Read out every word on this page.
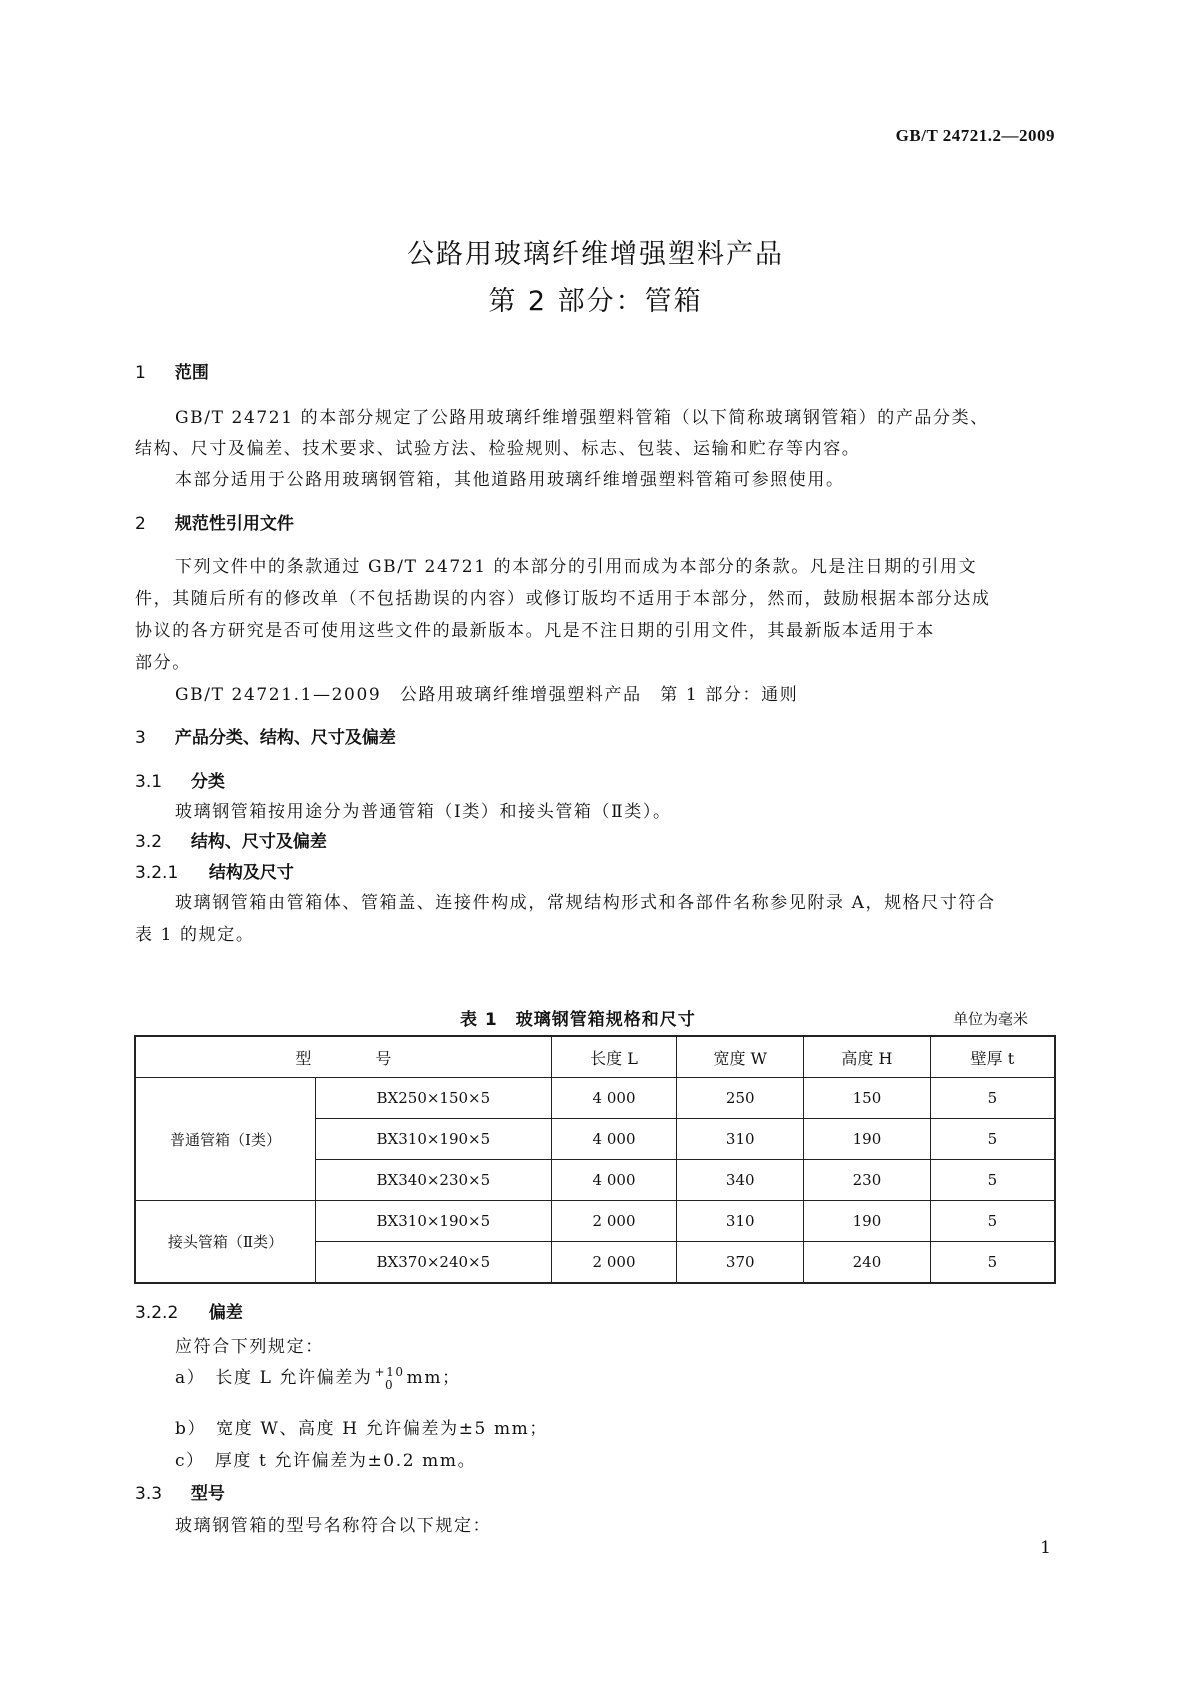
GB/T 24721.2—2009
公路用玻璃纤维增强塑料产品
第 2 部分：管箱
1 范围
GB/T 24721 的本部分规定了公路用玻璃纤维增强塑料管箱（以下简称玻璃钢管箱）的产品分类、
结构、尺寸及偏差、技术要求、试验方法、检验规则、标志、包装、运输和贮存等内容。
本部分适用于公路用玻璃钢管箱，其他道路用玻璃纤维增强塑料管箱可参照使用。
2 规范性引用文件
下列文件中的条款通过 GB/T 24721 的本部分的引用而成为本部分的条款。凡是注日期的引用文
件，其随后所有的修改单（不包括勘误的内容）或修订版均不适用于本部分，然而，鼓励根据本部分达成
协议的各方研究是否可使用这些文件的最新版本。凡是不注日期的引用文件，其最新版本适用于本
部分。
GB/T 24721.1—2009　公路用玻璃纤维增强塑料产品　第 1 部分：通则
3 产品分类、结构、尺寸及偏差
3.1 分类
玻璃钢管箱按用途分为普通管箱（Ⅰ类）和接头管箱（Ⅱ类）。
3.2 结构、尺寸及偏差
3.2.1 结构及尺寸
玻璃钢管箱由管箱体、管箱盖、连接件构成，常规结构形式和各部件名称参见附录 A，规格尺寸符合
表 1 的规定。
表 1　玻璃钢管箱规格和尺寸	单位为毫米
型　　　　号		长度 L	宽度 W	高度 H	壁厚 t
普通管箱（Ⅰ类）	BX250×150×5	4 000	250	150	5
	BX310×190×5	4 000	310	190	5
	BX340×230×5	4 000	340	230	5
接头管箱（Ⅱ类）	BX310×190×5	2 000	310	190	5
	BX370×240×5	2 000	370	240	5
3.2.2 偏差
应符合下列规定：
a）　长度 L 允许偏差为 +10
0 mm；
b）　宽度 W、高度 H 允许偏差为±5 mm；
c）　厚度 t 允许偏差为±0.2 mm。
3.3 型号
玻璃钢管箱的型号名称符合以下规定：
1
